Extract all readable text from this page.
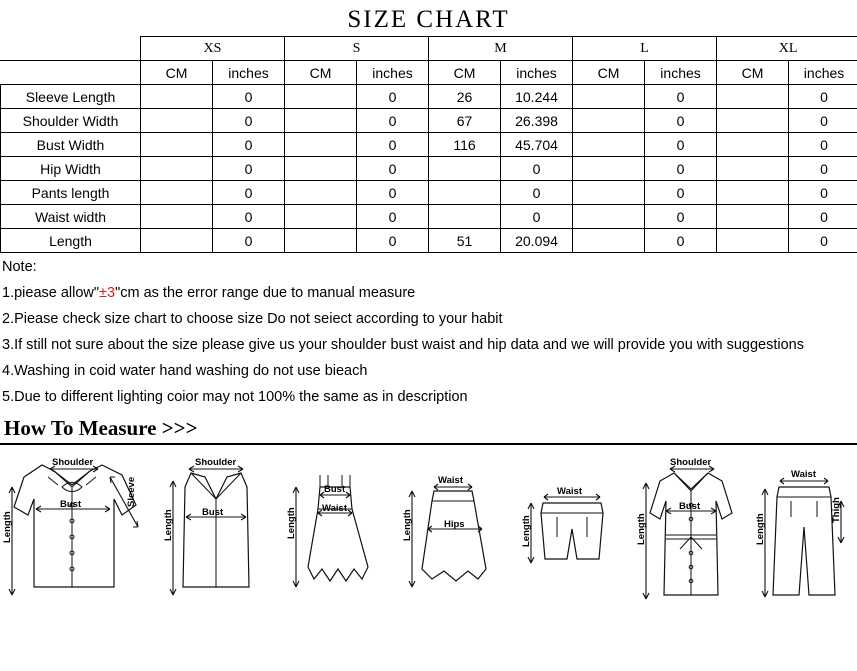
SIZE CHART
	XS		S		M		L		XL	
	CM	inches	CM	inches	CM	inches	CM	inches	CM	inches
Sleeve Length		0		0	26	10.244		0		0
Shoulder Width		0		0	67	26.398		0		0
Bust Width		0		0	116	45.704		0		0
Hip Width		0		0		0		0		0
Pants length		0		0		0		0		0
Waist width		0		0		0		0		0
Length		0		0	51	20.094		0		0
Note:
1.piease allow"±3"cm as the error range due to manual measure
2.Piease check size chart to choose size Do not seiect according to your habit
3.If still not sure about the size please give us your shoulder bust waist and hip data and we will provide you with suggestions
4.Washing in coid water hand washing do not use bieach
5.Due to different lighting coior may not 100% the same as in description
How To Measure >>>
Shoulder
Bust	Sleeve
Length
Shoulder
Bust
Length
Bust
Waist
Length
Waist
Hips
Length
Waist
Length
Shoulder
Bust
Length
Waist
Thigh
Length
